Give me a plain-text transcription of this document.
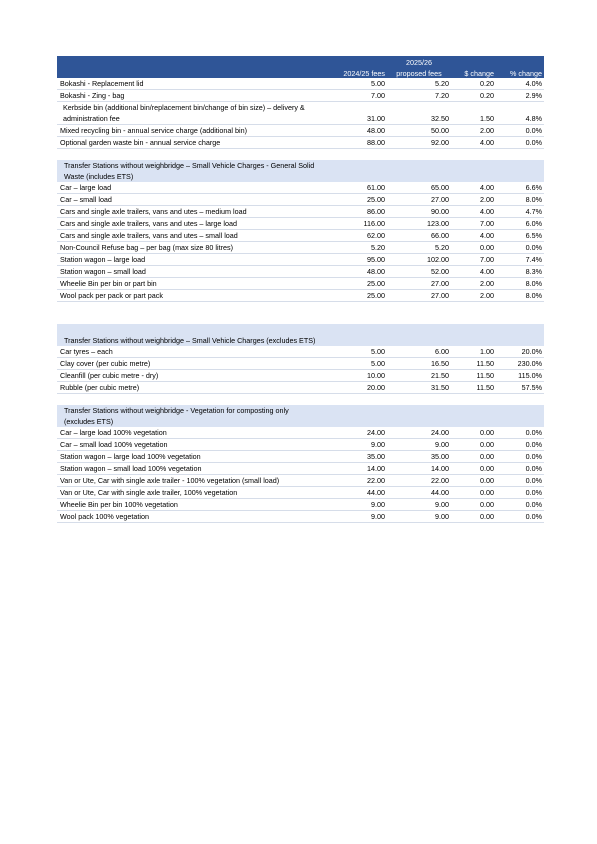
		2025/26		
	2024/25 fees	proposed fees	$ change	% change
Bokashi - Replacement lid	5.00	5.20	0.20	4.0%
Bokashi - Zing - bag	7.00	7.20	0.20	2.9%
Kerbside bin (additional bin/replacement bin/change of bin size) – delivery &				
administration fee	31.00	32.50	1.50	4.8%
Mixed recycling bin - annual service charge (additional bin)	48.00	50.00	2.00	0.0%
Optional garden waste bin - annual service charge	88.00	92.00	4.00	0.0%

Transfer Stations without weighbridge – Small Vehicle Charges - General Solid				
Waste (includes ETS)				
Car – large load	61.00	65.00	4.00	6.6%
Car – small load	25.00	27.00	2.00	8.0%
Cars and single axle trailers, vans and utes – medium load	86.00	90.00	4.00	4.7%
Cars and single axle trailers, vans and utes – large load	116.00	123.00	7.00	6.0%
Cars and single axle trailers, vans and utes – small load	62.00	66.00	4.00	6.5%
Non-Council Refuse bag – per bag (max size 80 litres)	5.20	5.20	0.00	0.0%
Station wagon – large load	95.00	102.00	7.00	7.4%
Station wagon – small load	48.00	52.00	4.00	8.3%
Wheelie Bin per bin or part bin	25.00	27.00	2.00	8.0%
Wool pack per pack or part pack	25.00	27.00	2.00	8.0%

Transfer Stations without weighbridge – Small Vehicle Charges (excludes ETS)				
Car tyres – each	5.00	6.00	1.00	20.0%
Clay cover (per cubic metre)	5.00	16.50	11.50	230.0%
Cleanfill (per cubic metre - dry)	10.00	21.50	11.50	115.0%
Rubble (per cubic metre)	20.00	31.50	11.50	57.5%

Transfer Stations without weighbridge - Vegetation for composting only				
(excludes ETS)				
Car – large load 100% vegetation	24.00	24.00	0.00	0.0%
Car – small load 100% vegetation	9.00	9.00	0.00	0.0%
Station wagon – large load 100% vegetation	35.00	35.00	0.00	0.0%
Station wagon – small load 100% vegetation	14.00	14.00	0.00	0.0%
Van or Ute, Car with single axle trailer - 100% vegetation (small load)	22.00	22.00	0.00	0.0%
Van or Ute, Car with single axle trailer, 100% vegetation	44.00	44.00	0.00	0.0%
Wheelie Bin per bin 100% vegetation	9.00	9.00	0.00	0.0%
Wool pack 100% vegetation	9.00	9.00	0.00	0.0%
